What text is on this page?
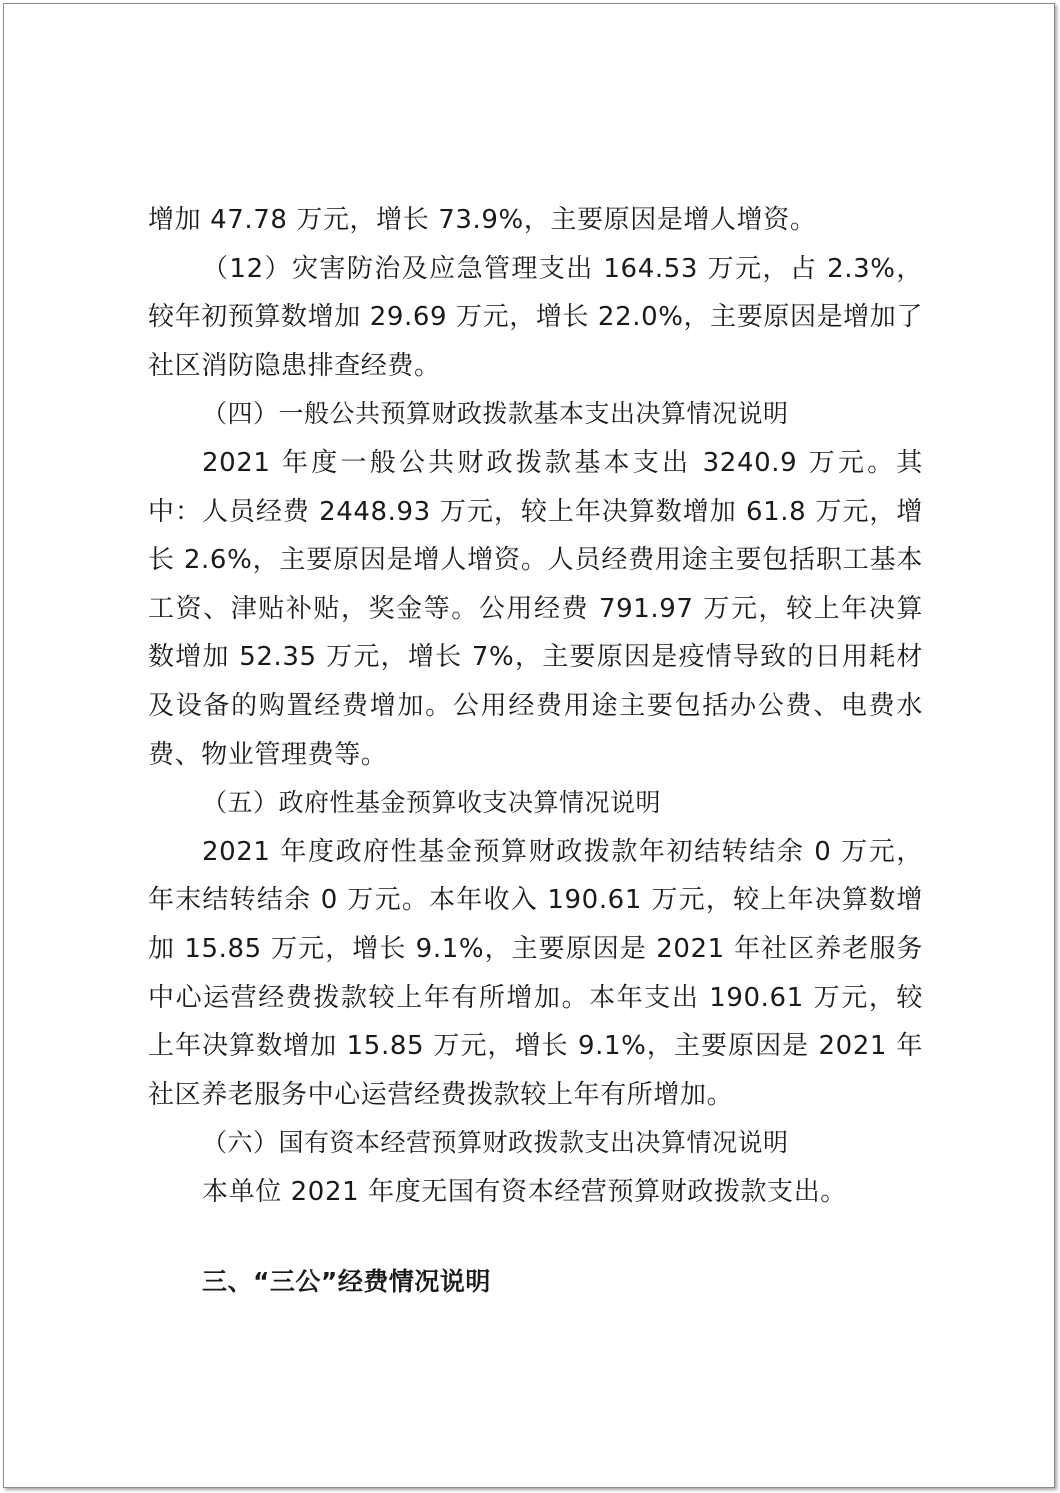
增加 47.78 万元，增长 73.9%，主要原因是增人增资。

（12）灾害防治及应急管理支出 164.53 万元，占 2.3%，较年初预算数增加 29.69 万元，增长 22.0%，主要原因是增加了社区消防隐患排查经费。

（四）一般公共预算财政拨款基本支出决算情况说明

2021 年度一般公共财政拨款基本支出 3240.9 万元。其中：人员经费 2448.93 万元，较上年决算数增加 61.8 万元，增长 2.6%，主要原因是增人增资。人员经费用途主要包括职工基本工资、津贴补贴，奖金等。公用经费 791.97 万元，较上年决算数增加 52.35 万元，增长 7%，主要原因是疫情导致的日用耗材及设备的购置经费增加。公用经费用途主要包括办公费、电费水费、物业管理费等。

（五）政府性基金预算收支决算情况说明

2021 年度政府性基金预算财政拨款年初结转结余 0 万元，年末结转结余 0 万元。本年收入 190.61 万元，较上年决算数增加 15.85 万元，增长 9.1%，主要原因是 2021 年社区养老服务中心运营经费拨款较上年有所增加。本年支出 190.61 万元，较上年决算数增加 15.85 万元，增长 9.1%，主要原因是 2021 年社区养老服务中心运营经费拨款较上年有所增加。

（六）国有资本经营预算财政拨款支出决算情况说明

本单位 2021 年度无国有资本经营预算财政拨款支出。

三、“三公”经费情况说明
